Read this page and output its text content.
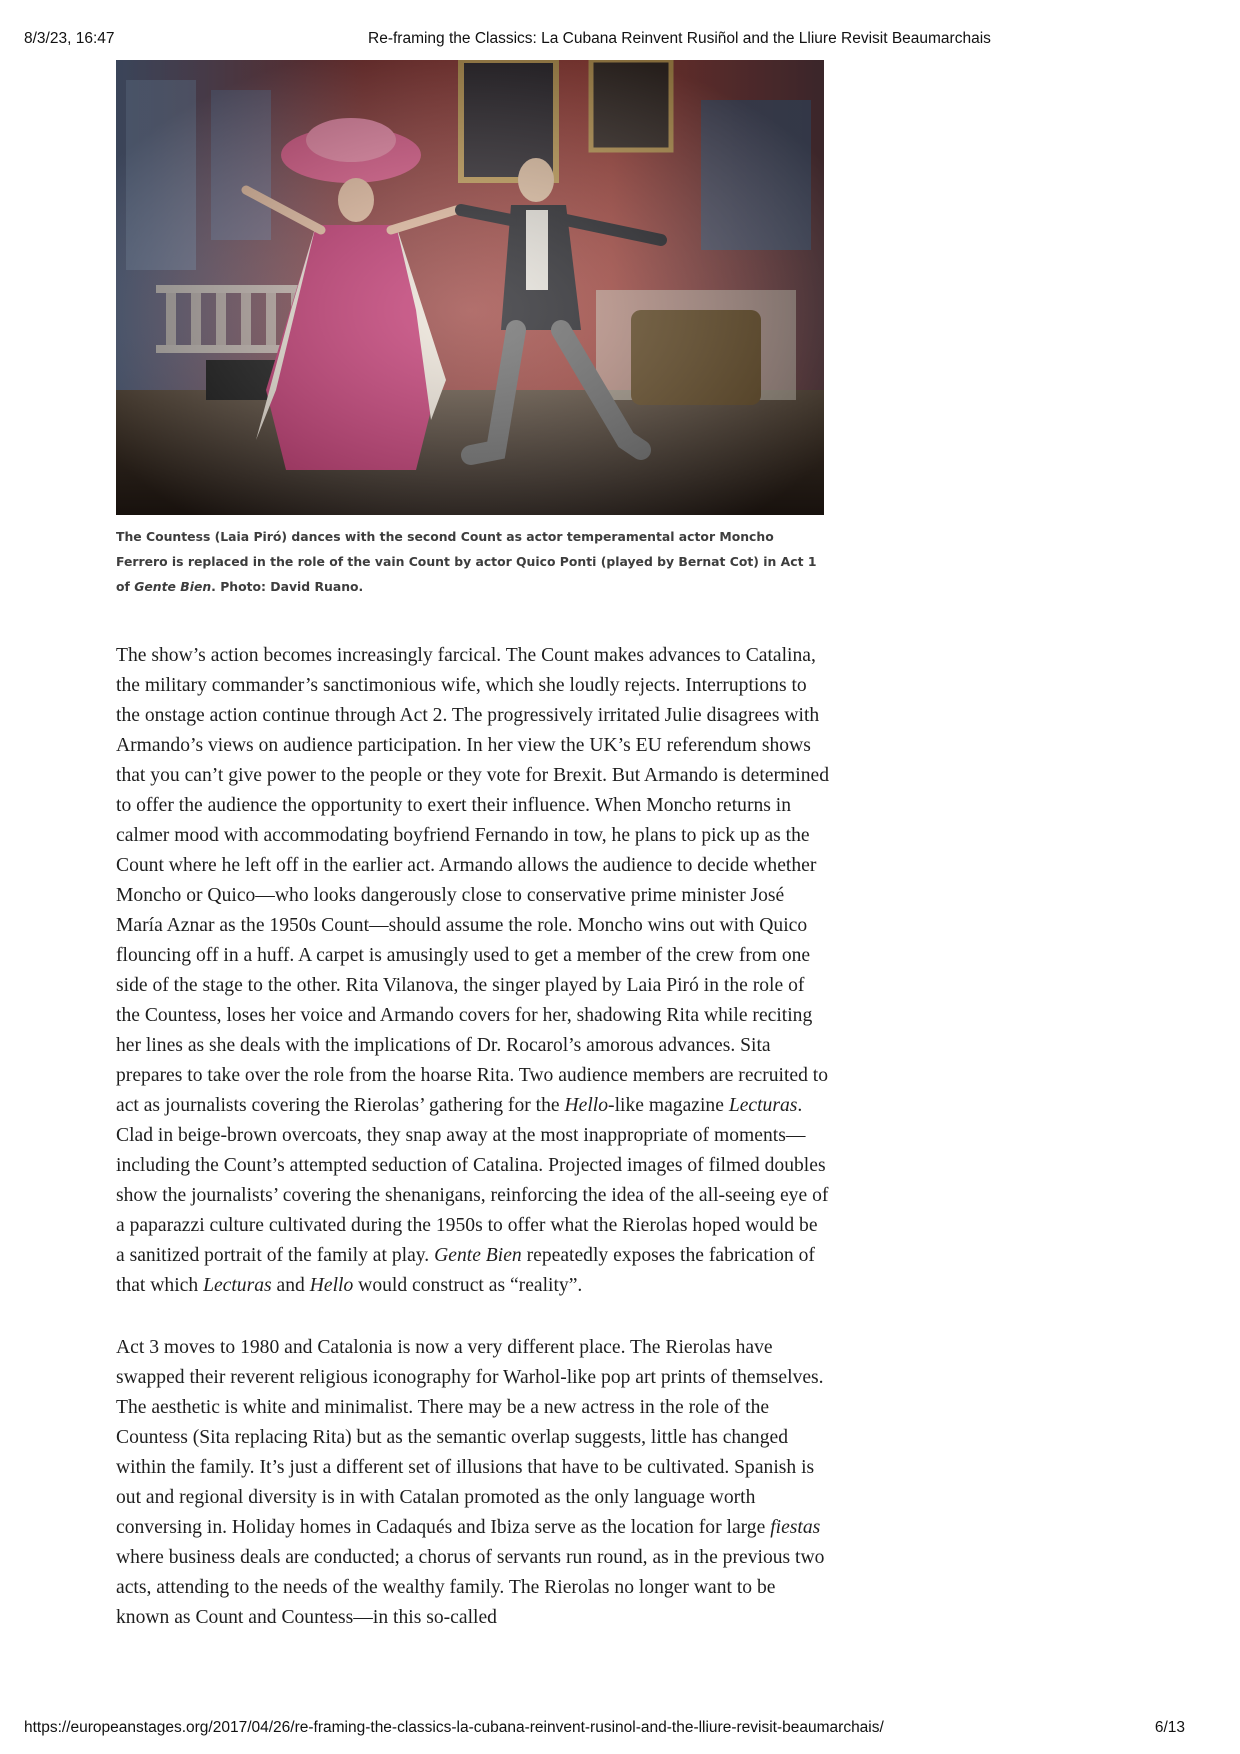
8/3/23, 16:47	Re-framing the Classics: La Cubana Reinvent Rusiñol and the Lliure Revisit Beaumarchais

The Countess (Laia Piró) dances with the second Count as actor temperamental actor Moncho Ferrero is replaced in the role of the vain Count by actor Quico Ponti (played by Bernat Cot) in Act 1 of Gente Bien. Photo: David Ruano.

The show’s action becomes increasingly farcical. The Count makes advances to Catalina, the military commander’s sanctimonious wife, which she loudly rejects. Interruptions to the onstage action continue through Act 2. The progressively irritated Julie disagrees with Armando’s views on audience participation. In her view the UK’s EU referendum shows that you can’t give power to the people or they vote for Brexit. But Armando is determined to offer the audience the opportunity to exert their influence. When Moncho returns in calmer mood with accommodating boyfriend Fernando in tow, he plans to pick up as the Count where he left off in the earlier act. Armando allows the audience to decide whether Moncho or Quico—who looks dangerously close to conservative prime minister José María Aznar as the 1950s Count—should assume the role. Moncho wins out with Quico flouncing off in a huff. A carpet is amusingly used to get a member of the crew from one side of the stage to the other. Rita Vilanova, the singer played by Laia Piró in the role of the Countess, loses her voice and Armando covers for her, shadowing Rita while reciting her lines as she deals with the implications of Dr. Rocarol’s amorous advances. Sita prepares to take over the role from the hoarse Rita. Two audience members are recruited to act as journalists covering the Rierolas’ gathering for the Hello-like magazine Lecturas. Clad in beige-brown overcoats, they snap away at the most inappropriate of moments—including the Count’s attempted seduction of Catalina. Projected images of filmed doubles show the journalists’ covering the shenanigans, reinforcing the idea of the all-seeing eye of a paparazzi culture cultivated during the 1950s to offer what the Rierolas hoped would be a sanitized portrait of the family at play. Gente Bien repeatedly exposes the fabrication of that which Lecturas and Hello would construct as “reality”.

Act 3 moves to 1980 and Catalonia is now a very different place. The Rierolas have swapped their reverent religious iconography for Warhol-like pop art prints of themselves. The aesthetic is white and minimalist. There may be a new actress in the role of the Countess (Sita replacing Rita) but as the semantic overlap suggests, little has changed within the family. It’s just a different set of illusions that have to be cultivated. Spanish is out and regional diversity is in with Catalan promoted as the only language worth conversing in. Holiday homes in Cadaqués and Ibiza serve as the location for large fiestas where business deals are conducted; a chorus of servants run round, as in the previous two acts, attending to the needs of the wealthy family. The Rierolas no longer want to be known as Count and Countess—in this so-called

https://europeanstages.org/2017/04/26/re-framing-the-classics-la-cubana-reinvent-rusinol-and-the-lliure-revisit-beaumarchais/	6/13
